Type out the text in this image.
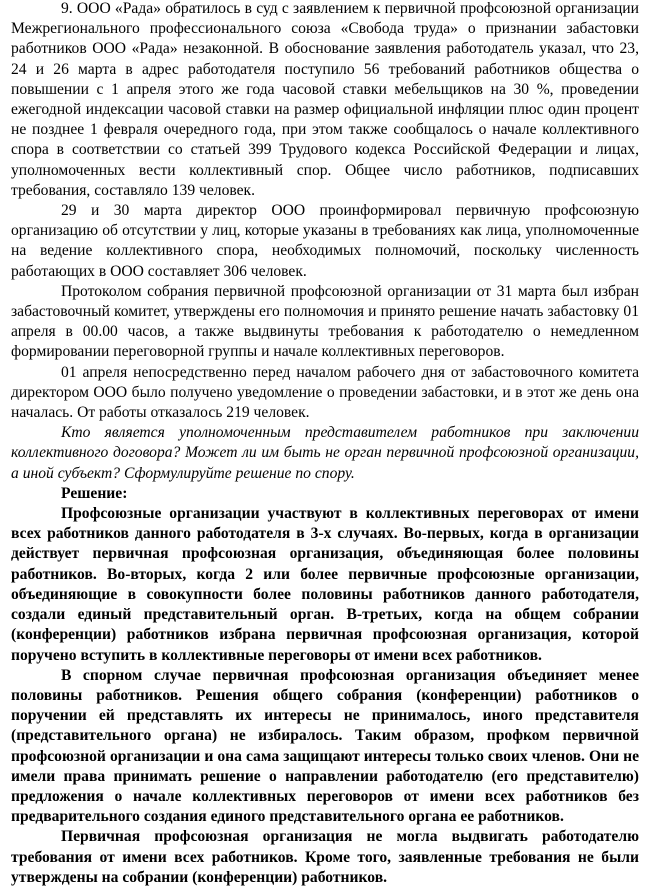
9. ООО «Рада» обратилось в суд с заявлением к первичной профсоюзной организации Межрегионального профессионального союза «Свобода труда» о признании забастовки работников ООО «Рада» незаконной. В обоснование заявления работодатель указал, что 23, 24 и 26 марта в адрес работодателя поступило 56 требований работников общества о повышении с 1 апреля этого же года часовой ставки мебельщиков на 30 %, проведении ежегодной индексации часовой ставки на размер официальной инфляции плюс один процент не позднее 1 февраля очередного года, при этом также сообщалось о начале коллективного спора в соответствии со статьей 399 Трудового кодекса Российской Федерации и лицах, уполномоченных вести коллективный спор. Общее число работников, подписавших требования, составляло 139 человек.

29 и 30 марта директор ООО проинформировал первичную профсоюзную организацию об отсутствии у лиц, которые указаны в требованиях как лица, уполномоченные на ведение коллективного спора, необходимых полномочий, поскольку численность работающих в ООО составляет 306 человек.

Протоколом собрания первичной профсоюзной организации от 31 марта был избран забастовочный комитет, утверждены его полномочия и принято решение начать забастовку 01 апреля в 00.00 часов, а также выдвинуты требования к работодателю о немедленном формировании переговорной группы и начале коллективных переговоров.

01 апреля непосредственно перед началом рабочего дня от забастовочного комитета директором ООО было получено уведомление о проведении забастовки, и в этот же день она началась. От работы отказалось 219 человек.

Кто является уполномоченным представителем работников при заключении коллективного договора? Может ли им быть не орган первичной профсоюзной организации, а иной субъект? Сформулируйте решение по спору.

Решение:

Профсоюзные организации участвуют в коллективных переговорах от имени всех работников данного работодателя в 3-х случаях. Во-первых, когда в организации действует первичная профсоюзная организация, объединяющая более половины работников. Во-вторых, когда 2 или более первичные профсоюзные организации, объединяющие в совокупности более половины работников данного работодателя, создали единый представительный орган. В-третьих, когда на общем собрании (конференции) работников избрана первичная профсоюзная организация, которой поручено вступить в коллективные переговоры от имени всех работников.

В спорном случае первичная профсоюзная организация объединяет менее половины работников. Решения общего собрания (конференции) работников о поручении ей представлять их интересы не принималось, иного представителя (представительного органа) не избиралось. Таким образом, профком первичной профсоюзной организации и она сама защищают интересы только своих членов. Они не имели права принимать решение о направлении работодателю (его представителю) предложения о начале коллективных переговоров от имени всех работников без предварительного создания единого представительного органа ее работников.

Первичная профсоюзная организация не могла выдвигать работодателю требования от имени всех работников. Кроме того, заявленные требования не были утверждены на собрании (конференции) работников.
